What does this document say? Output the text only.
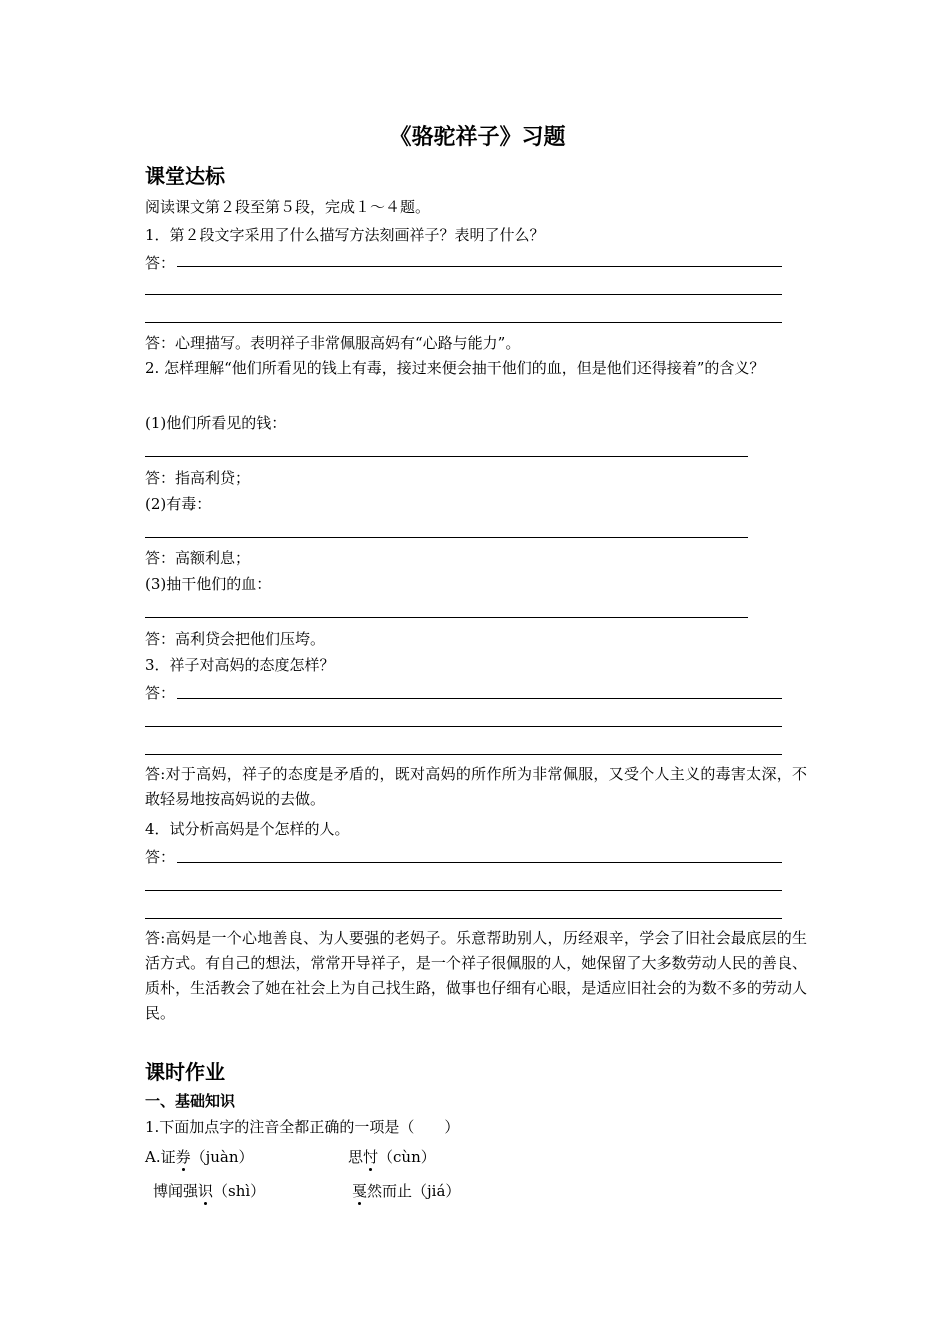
《骆驼祥子》习题
课堂达标
阅读课文第２段至第５段，完成１～４题。
1．第２段文字采用了什么描写方法刻画祥子？表明了什么？
答：
答：心理描写。表明祥子非常佩服高妈有“心路与能力”。
2. 怎样理解“他们所看见的钱上有毒，接过来便会抽干他们的血，但是他们还得接着”的含义？
(1)他们所看见的钱：
答：指高利贷；
(2)有毒：
答：高额利息；
(3)抽干他们的血：
答：高利贷会把他们压垮。
3．祥子对高妈的态度怎样？
答：
答:对于高妈，祥子的态度是矛盾的，既对高妈的所作所为非常佩服，又受个人主义的毒害太深，不敢轻易地按高妈说的去做。
4．试分析高妈是个怎样的人。
答：
答:高妈是一个心地善良、为人要强的老妈子。乐意帮助别人，历经艰辛，学会了旧社会最底层的生活方式。有自己的想法，常常开导祥子，是一个祥子很佩服的人，她保留了大多数劳动人民的善良、质朴，生活教会了她在社会上为自己找生路，做事也仔细有心眼，是适应旧社会的为数不多的劳动人民。
课时作业
一、基础知识
1.下面加点字的注音全都正确的一项是（　　）
A.证券（juàn）	思忖（cùn）
博闻强识（shì）	戛然而止（jiá）
